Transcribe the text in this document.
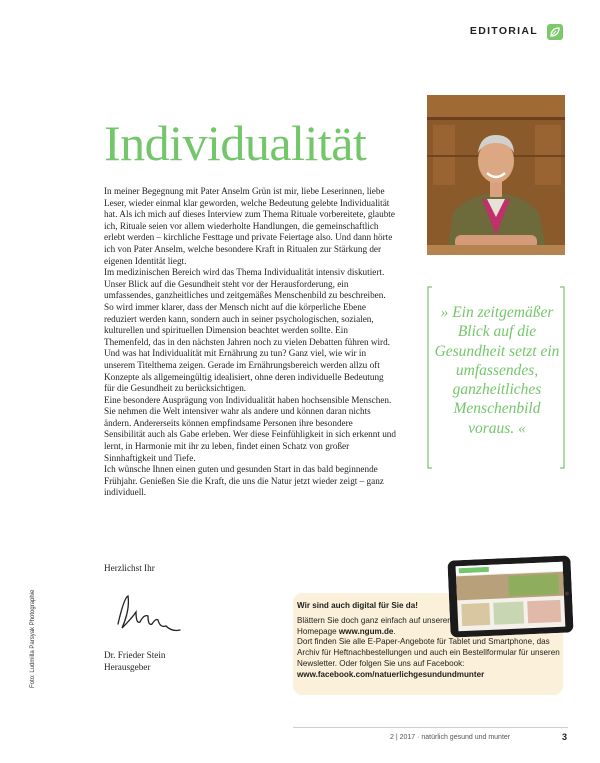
EDITORIAL
Individualität

In meiner Begegnung mit Pater Anselm Grün ist mir, liebe Leserinnen, liebe Leser, wieder einmal klar geworden, welche Bedeutung gelebte Individualität hat. Als ich mich auf dieses Interview zum Thema Rituale vorbereitete, glaubte ich, Rituale seien vor allem wiederholte Handlungen, die gemeinschaftlich erlebt werden – kirchliche Festtage und private Feiertage also. Und dann hörte ich von Pater Anselm, welche besondere Kraft in Ritualen zur Stärkung der eigenen Identität liegt.

Im medizinischen Bereich wird das Thema Individualität intensiv diskutiert. Unser Blick auf die Gesundheit steht vor der Herausforderung, ein umfassendes, ganzheitliches und zeitgemäßes Menschenbild zu beschreiben. So wird immer klarer, dass der Mensch nicht auf die körperliche Ebene reduziert werden kann, sondern auch in seiner psychologischen, sozialen, kulturellen und spirituellen Dimension beachtet werden sollte. Ein Themenfeld, das in den nächsten Jahren noch zu vielen Debatten führen wird.

Und was hat Individualität mit Ernährung zu tun? Ganz viel, wie wir in unserem Titelthema zeigen. Gerade im Ernährungsbereich werden allzu oft Konzepte als allgemeingültig idealisiert, ohne deren individuelle Bedeutung für die Gesundheit zu berücksichtigen.

Eine besondere Ausprägung von Individualität haben hochsensible Menschen. Sie nehmen die Welt intensiver wahr als andere und können daran nichts ändern. Andererseits können empfindsame Personen ihre besondere Sensibilität auch als Gabe erleben. Wer diese Feinfühligkeit in sich erkennt und lernt, in Harmonie mit ihr zu leben, findet einen Schatz von großer Sinnhaftigkeit und Tiefe.

Ich wünsche Ihnen einen guten und gesunden Start in das bald beginnende Frühjahr. Genießen Sie die Kraft, die uns die Natur jetzt wieder zeigt – ganz individuell.

Herzlichst Ihr
Dr. Frieder Stein
Herausgeber
Foto: Ludmilla Parsyak Photographie
» Ein zeitgemäßer Blick auf die Gesundheit setzt ein umfassendes, ganzheitliches Menschenbild voraus. «
Wir sind auch digital für Sie da!
Blättern Sie doch ganz einfach auf unserer
Homepage www.ngum.de.
Dort finden Sie alle E-Paper-Angebote für Tablet und Smartphone, das Archiv für Heftnachbestellungen und auch ein Bestellformular für unseren Newsletter. Oder folgen Sie uns auf Facebook:
www.facebook.com/natuerlichgesundundmunter
2 | 2017 · natürlich gesund und munter	3
